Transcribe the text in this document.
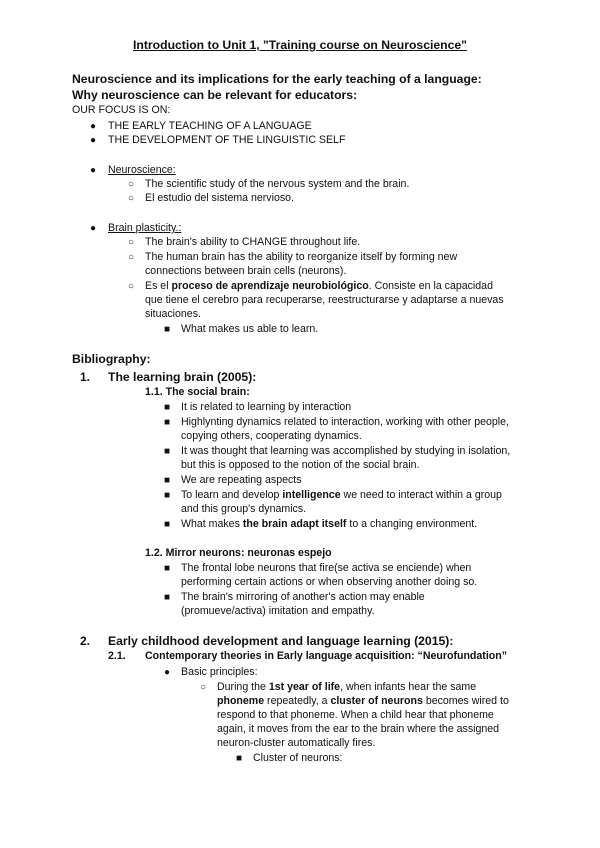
Introduction to Unit 1, "Training course on Neuroscience"
Neuroscience and its implications for the early teaching of a language:
Why neuroscience can be relevant for educators:
OUR FOCUS IS ON:
● THE EARLY TEACHING OF A LANGUAGE
● THE DEVELOPMENT OF THE LINGUISTIC SELF
● Neuroscience:
○ The scientific study of the nervous system and the brain.
○ El estudio del sistema nervioso.
● Brain plasticity.:
○ The brain's ability to CHANGE throughout life.
○ The human brain has the ability to reorganize itself by forming new
connections between brain cells (neurons).
○ Es el proceso de aprendizaje neurobiológico. Consiste en la capacidad
que tiene el cerebro para recuperarse, reestructurarse y adaptarse a nuevas
situaciones.
■ What makes us able to learn.
Bibliography:
1. The learning brain (2005):
1.1. The social brain:
■ It is related to learning by interaction
■ Highlynting dynamics related to interaction, working with other people,
copying others, cooperating dynamics.
■ It was thought that learning was accomplished by studying in isolation,
but this is opposed to the notion of the social brain.
■ We are repeating aspects
■ To learn and develop intelligence we need to interact within a group
and this group's dynamics.
■ What makes the brain adapt itself to a changing environment.
1.2. Mirror neurons: neuronas espejo
■ The frontal lobe neurons that fire(se activa se enciende) when
performing certain actions or when observing another doing so.
■ The brain's mirroring of another's action may enable
(promueve/activa) imitation and empathy.
2. Early childhood development and language learning (2015):
2.1. Contemporary theories in Early language acquisition: “Neurofundation”
● Basic principles:
○ During the 1st year of life, when infants hear the same
phoneme repeatedly, a cluster of neurons becomes wired to
respond to that phoneme. When a child hear that phoneme
again, it moves from the ear to the brain where the assigned
neuron-cluster automatically fires.
■ Cluster of neurons:
